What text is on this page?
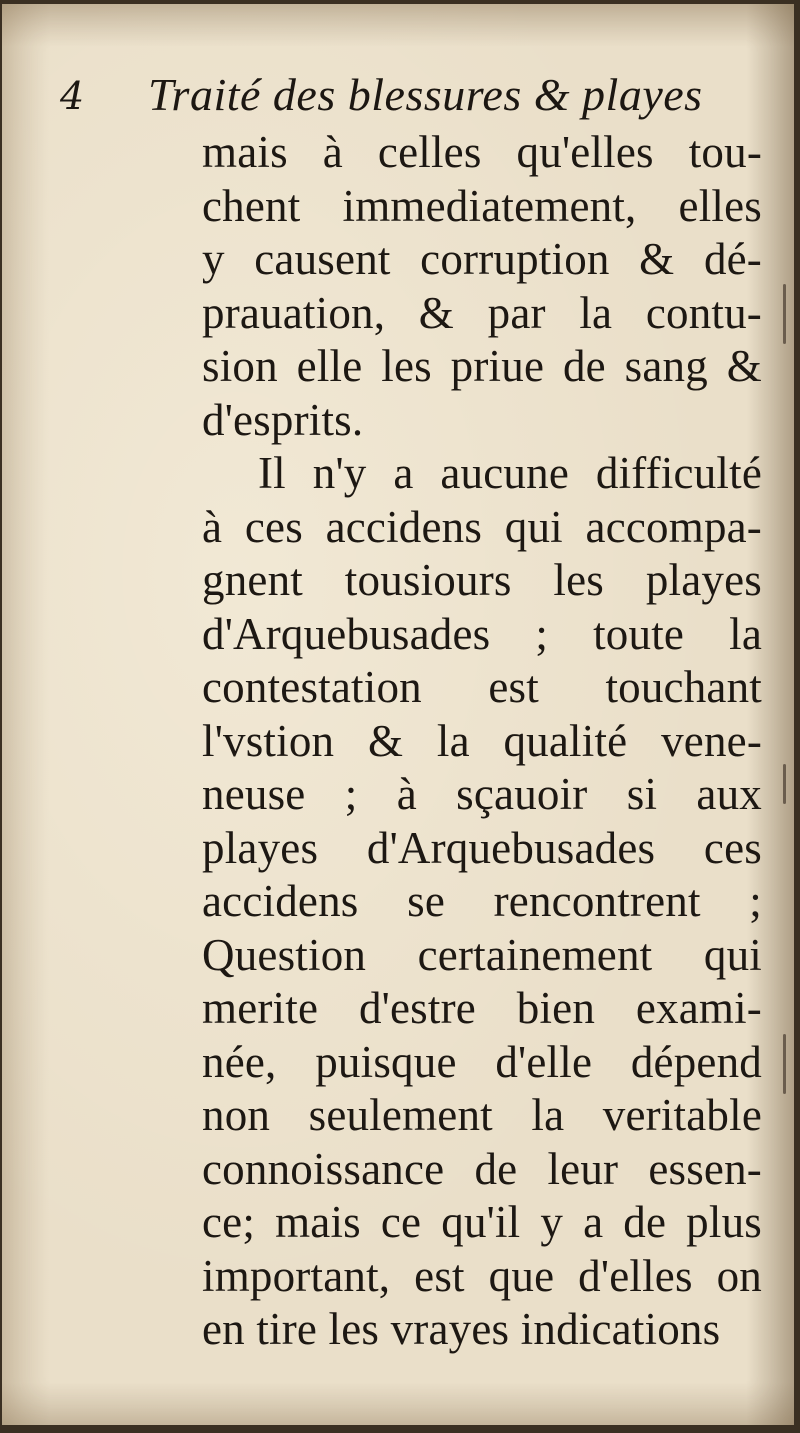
4 Traité des blessures & playes
mais à celles qu'elles tou-
chent immediatement, elles
y causent corruption & dé-
prauation, & par la contu-
sion elle les priue de sang &
d'esprits.
Il n'y a aucune difficulté
à ces accidens qui accompa-
gnent tousiours les playes
d'Arquebusades ; toute la
contestation est touchant
l'vstion & la qualité vene-
neuse ; à sçauoir si aux
playes d'Arquebusades ces
accidens se rencontrent ;
Question certainement qui
merite d'estre bien exami-
née, puisque d'elle dépend
non seulement la veritable
connoissance de leur essen-
ce; mais ce qu'il y a de plus
important, est que d'elles on
en tire les vrayes indications
